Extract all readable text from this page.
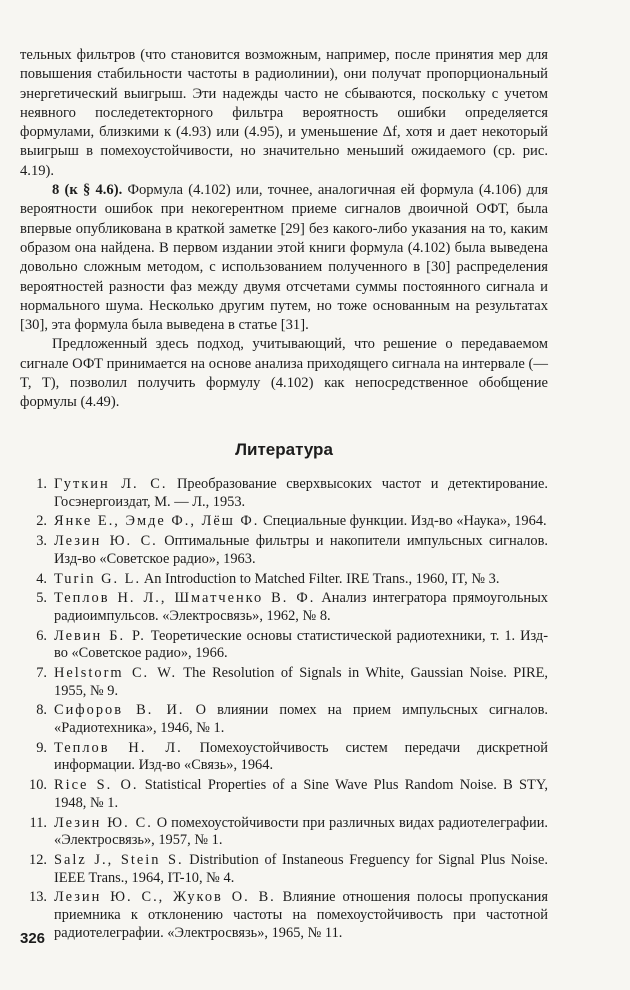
тельных фильтров (что становится возможным, например, после принятия мер для повышения стабильности частоты в радиолинии), они получат пропорциональный энергетический выигрыш. Эти надежды часто не сбываются, поскольку с учетом неявного последетекторного фильтра вероятность ошибки определяется формулами, близкими к (4.93) или (4.95), и уменьшение Δf, хотя и дает некоторый выигрыш в помехоустойчивости, но значительно меньший ожидаемого (ср. рис. 4.19).

8 (к § 4.6). Формула (4.102) или, точнее, аналогичная ей формула (4.106) для вероятности ошибок при некогерентном приеме сигналов двоичной ОФТ, была впервые опубликована в краткой заметке [29] без какого-либо указания на то, каким образом она найдена. В первом издании этой книги формула (4.102) была выведена довольно сложным методом, с использованием полученного в [30] распределения вероятностей разности фаз между двумя отсчетами суммы постоянного сигнала и нормального шума. Несколько другим путем, но тоже основанным на результатах [30], эта формула была выведена в статье [31].

Предложенный здесь подход, учитывающий, что решение о передаваемом сигнале ОФТ принимается на основе анализа приходящего сигнала на интервале (—T, T), позволил получить формулу (4.102) как непосредственное обобщение формулы (4.49).

Литература
1. Гуткин Л. С. Преобразование сверхвысоких частот и детектирование. Госэнергоиздат, М. — Л., 1953.
2. Янке Е., Эмде Ф., Лёш Ф. Специальные функции. Изд-во «Наука», 1964.
3. Лезин Ю. С. Оптимальные фильтры и накопители импульсных сигналов. Изд-во «Советское радио», 1963.
4. Turin G. L. An Introduction to Matched Filter. IRE Trans., 1960, IT, № 3.
5. Теплов Н. Л., Шматченко В. Ф. Анализ интегратора прямоугольных радиоимпульсов. «Электросвязь», 1962, № 8.
6. Левин Б. Р. Теоретические основы статистической радиотехники, т. 1. Изд-во «Советское радио», 1966.
7. Helstorm C. W. The Resolution of Signals in White, Gaussian Noise. PIRE, 1955, № 9.
8. Сифоров В. И. О влиянии помех на прием импульсных сигналов. «Радиотехника», 1946, № 1.
9. Теплов Н. Л. Помехоустойчивость систем передачи дискретной информации. Изд-во «Связь», 1964.
10. Rice S. O. Statistical Properties of a Sine Wave Plus Random Noise. B STY, 1948, № 1.
11. Лезин Ю. С. О помехоустойчивости при различных видах радиотелеграфии. «Электросвязь», 1957, № 1.
12. Salz J., Stein S. Distribution of Instaneous Freguency for Signal Plus Noise. IEEE Trans., 1964, IT-10, № 4.
13. Лезин Ю. С., Жуков О. В. Влияние отношения полосы пропускания приемника к отклонению частоты на помехоустойчивость при частотной радиотелеграфии. «Электросвязь», 1965, № 11.
326
